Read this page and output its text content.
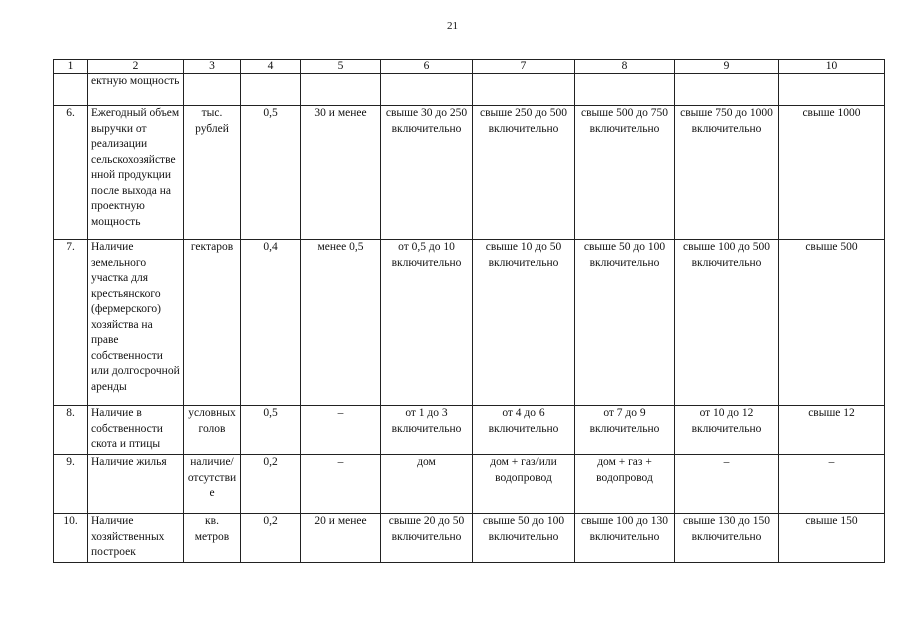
21
1	2	3	4	5	6	7	8	9	10
	ектную мощность								
6.	Ежегодный объем выручки от реализации сельскохозяйственной продукции после выхода на проектную мощность	тыс. рублей	0,5	30 и менее	свыше 30 до 250 включительно	свыше 250 до 500 включительно	свыше 500 до 750 включительно	свыше 750 до 1000 включительно	свыше 1000
7.	Наличие земельного участка для крестьянского (фермерского) хозяйства на праве собственности или долгосрочной аренды	гектаров	0,4	менее 0,5	от 0,5 до 10 включительно	свыше 10 до 50 включительно	свыше 50 до 100 включительно	свыше 100 до 500 включительно	свыше 500
8.	Наличие в собственности скота и птицы	условных голов	0,5	–	от 1 до 3 включительно	от 4 до 6 включительно	от 7 до 9 включительно	от 10 до 12 включительно	свыше 12
9.	Наличие жилья	наличие/ отсутствие	0,2	–	дом	дом + газ/или водопровод	дом + газ + водопровод	–	–
10.	Наличие хозяйственных построек	кв. метров	0,2	20 и менее	свыше 20 до 50 включительно	свыше 50 до 100 включительно	свыше 100 до 130 включительно	свыше 130 до 150 включительно	свыше 150
